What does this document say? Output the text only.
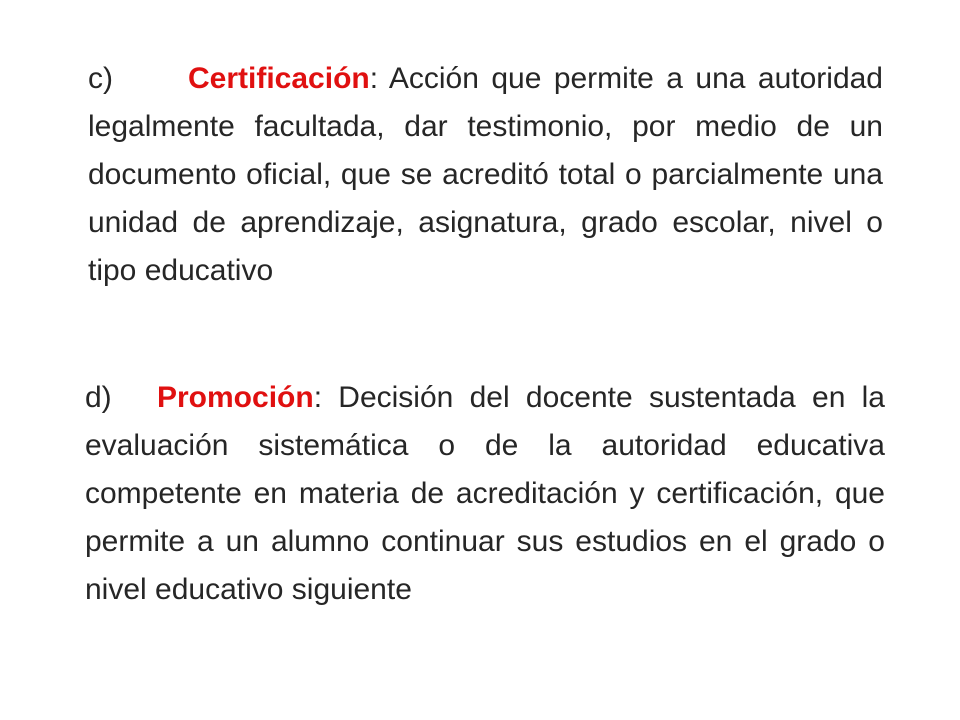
c)	Certificación: Acción que permite a una autoridad legalmente facultada, dar testimonio, por medio de un documento oficial, que se acreditó total o parcialmente una unidad de aprendizaje, asignatura, grado escolar, nivel o tipo educativo

d) Promoción: Decisión del docente sustentada en la evaluación sistemática o de la autoridad educativa competente en materia de acreditación y certificación, que permite a un alumno continuar sus estudios en el grado o nivel educativo siguiente
